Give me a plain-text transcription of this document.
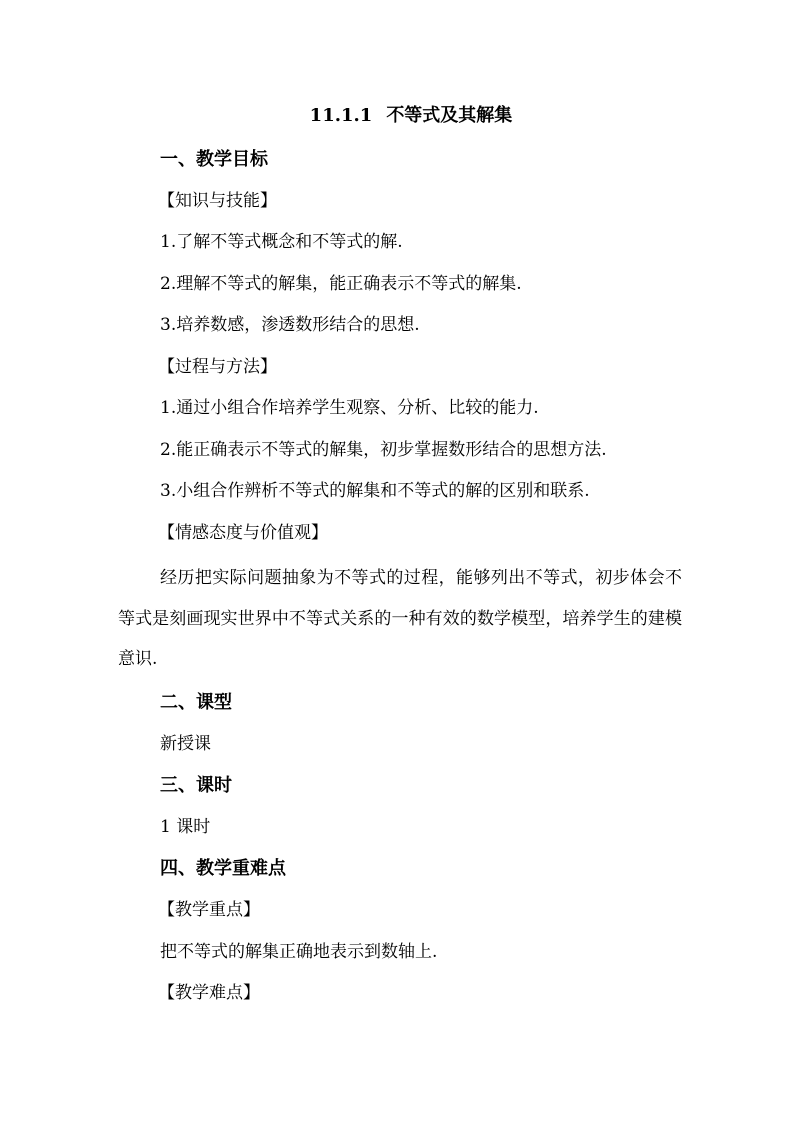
11.1.1 不等式及其解集
一、教学目标
【知识与技能】
1.了解不等式概念和不等式的解.
2.理解不等式的解集，能正确表示不等式的解集.
3.培养数感，渗透数形结合的思想.
【过程与方法】
1.通过小组合作培养学生观察、分析、比较的能力.
2.能正确表示不等式的解集，初步掌握数形结合的思想方法.
3.小组合作辨析不等式的解集和不等式的解的区别和联系.
【情感态度与价值观】
经历把实际问题抽象为不等式的过程，能够列出不等式，初步体会不等式是刻画现实世界中不等式关系的一种有效的数学模型，培养学生的建模意识.
二、课型
新授课
三、课时
1 课时
四、教学重难点
【教学重点】
把不等式的解集正确地表示到数轴上.
【教学难点】
